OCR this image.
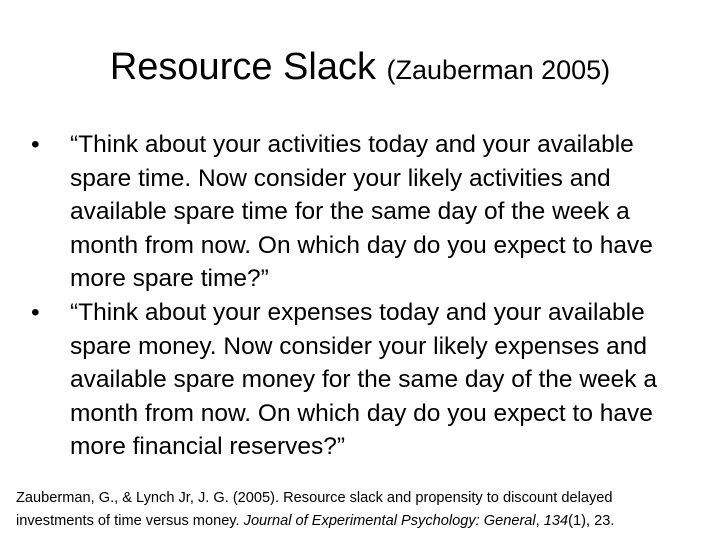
Resource Slack (Zauberman 2005)
• “Think about your activities today and your available spare time. Now consider your likely activities and available spare time for the same day of the week a month from now. On which day do you expect to have more spare time?”
• “Think about your expenses today and your available spare money. Now consider your likely expenses and available spare money for the same day of the week a month from now. On which day do you expect to have more financial reserves?”
Zauberman, G., & Lynch Jr, J. G. (2005). Resource slack and propensity to discount delayed
investments of time versus money. Journal of Experimental Psychology: General, 134(1), 23.
